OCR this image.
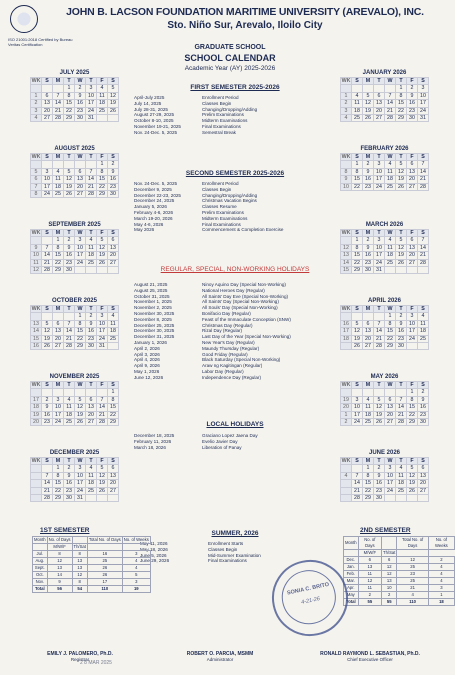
JOHN B. LACSON FOUNDATION MARITIME UNIVERSITY (AREVALO), INC.
Sto. Niño Sur, Arevalo, Iloilo City
ISO 21001:2018 Certified by Bureau Veritas Certification	GRADUATE SCHOOL
SCHOOL CALENDAR
Academic Year (AY) 2025-2026
JULY 2025
WK	S	M	T	W	T	F	S
			1	2	3	4	5
1	6	7	8	9	10	11	12
2	13	14	15	16	17	18	19
3	20	21	22	23	24	25	26
4	27	28	29	30	31		
AUGUST 2025
WK	S	M	T	W	T	F	S
						1	2
5	3	4	5	6	7	8	9
6	10	11	12	13	14	15	16
7	17	18	19	20	21	22	23
8	24	25	26	27	28	29	30
SEPTEMBER 2025
WK	S	M	T	W	T	F	S
		1	2	3	4	5	6
9	7	8	9	10	11	12	13
10	14	15	16	17	18	19	20
11	21	22	23	24	25	26	27
12	28	29	30				
OCTOBER 2025
WK	S	M	T	W	T	F	S
				1	2	3	4
13	5	6	7	8	9	10	11
14	12	13	14	15	16	17	18
15	19	20	21	22	23	24	25
16	26	27	28	29	30	31	
NOVEMBER 2025
WK	S	M	T	W	T	F	S
							1
17	2	3	4	5	6	7	8
18	9	10	11	12	13	14	15
19	16	17	18	19	20	21	22
20	23	24	25	26	27	28	29
DECEMBER 2025
WK	S	M	T	W	T	F	S
		1	2	3	4	5	6
	7	8	9	10	11	12	13
	14	15	16	17	18	19	20
	21	22	23	24	25	26	27
	28	29	30	31			
JANUARY 2026
WK	S	M	T	W	T	F	S
					1	2	3
1	4	5	6	7	8	9	10
2	11	12	13	14	15	16	17
3	18	19	20	21	22	23	24
4	25	26	27	28	29	30	31
FEBRUARY 2026
WK	S	M	T	W	T	F	S
	1	2	3	4	5	6	7
8	8	9	10	11	12	13	14
9	15	16	17	18	19	20	21
10	22	23	24	25	26	27	28
MARCH 2026
WK	S	M	T	W	T	F	S
	1	2	3	4	5	6	7
12	8	9	10	11	12	13	14
13	15	16	17	18	19	20	21
14	22	23	24	25	26	27	28
15	29	30	31				
APRIL 2026
WK	S	M	T	W	T	F	S
				1	2	3	4
16	5	6	7	8	9	10	11
17	12	13	14	15	16	17	18
18	19	20	21	22	23	24	25
	26	27	28	29	30		
MAY 2026
WK	S	M	T	W	T	F	S
						1	2
19	3	4	5	6	7	8	9
20	10	11	12	13	14	15	16
1	17	18	19	20	21	22	23
2	24	25	26	27	28	29	30
JUNE 2026
WK	S	M	T	W	T	F	S
		1	2	3	4	5	6
4	7	8	9	10	11	12	13
	14	15	16	17	18	19	20
	21	22	23	24	25	26	27
	28	29	30				
FIRST SEMESTER 2025-2026
April-July 2025	Enrollment Period
July 14, 2025	Classes Begin
July 28-31, 2025	Changing/Dropping/Adding
August 27-29, 2025	Prelim Examinations
October 8-10, 2025	Midterm Examinations
November 19-21, 2025	Final Examinations
Nov. 24-Dec. 5, 2025	Semestral Break
SECOND SEMESTER 2025-2026
Nov. 24-Dec. 5, 2025	Enrollment Period
December 9, 2025	Classes Begin
December 22-23, 2025	Changing/Dropping/Adding
December 24, 2025	Christmas Vacation Begins
January 5, 2026	Classes Resume
February 4-6, 2026	Prelim Examinations
March 19-20, 2026	Midterm Examinations
May 4-6, 2026	Final Examinations
May 2026	Commencement & Completion Exercise
REGULAR, SPECIAL, NON-WORKING HOLIDAYS
August 21, 2025	Ninoy Aquino Day (Special Non-Working)
August 25, 2025	National Heroes Day (Regular)
October 31, 2025	All Saints' Day Eve (Special Non-Working)
November 1, 2025	All Saints' Day (Special Non-Working)
November 2, 2025	All Souls' Day (Special Non-Working)
November 30, 2025	Bonifacio Day (Regular)
December 8, 2025	Feast of the Immaculate Conception (SNW)
December 25, 2025	Christmas Day (Regular)
December 30, 2025	Rizal Day (Regular)
December 31, 2025	Last Day of the Year (Special Non-Working)
January 1, 2026	New Year's Day (Regular)
April 2, 2026	Maundy Thursday (Regular)
April 3, 2026	Good Friday (Regular)
April 4, 2026	Black Saturday (Special Non-Working)
April 9, 2026	Araw ng Kagitingan (Regular)
May 1, 2026	Labor Day (Regular)
June 12, 2026	Independence Day (Regular)
LOCAL HOLIDAYS
December 18, 2025	Graciano Lopez Jaena Day
February 11, 2026	Evelio Javier Day
March 18, 2026	Liberation of Panay
SUMMER, 2026
May 11, 2026	Enrollment Starts
May 18, 2026	Classes Begin
June 5, 2026	Mid-Summer Examination
June 29, 2026	Final Examinations
1ST SEMESTER
Month	No. of Days		Total No. of Days	No. of Weeks
	M/W/F	Th/Sat		
Jul.	8	8	16	3
Aug.	12	13	25	4
Sept.	13	13	26	4
Oct.	14	12	26	5
Nov.	9	8	17	3
Total	56	54	110	19
2ND SEMESTER
Month	No. of Days		Total No. of Days	No. of Weeks
	M/W/F	Th/Sat		
Dec.	6	6	12	2
Jan.	13	12	25	4
Feb.	11	12	23	4
Mar.	12	13	25	4
Apr.	11	10	21	3
May	2	2	4	1
Total	55	55	110	18
SONIA C. BRITO
4-21-26
EMILY J. PALOMERO, Ph.D.
Registrar
2 8 MAR 2025
ROBERT O. PARCIA, MSMM
Administrator
RONALD RAYMOND L. SEBASTIAN, Ph.D.
Chief Executive Officer
